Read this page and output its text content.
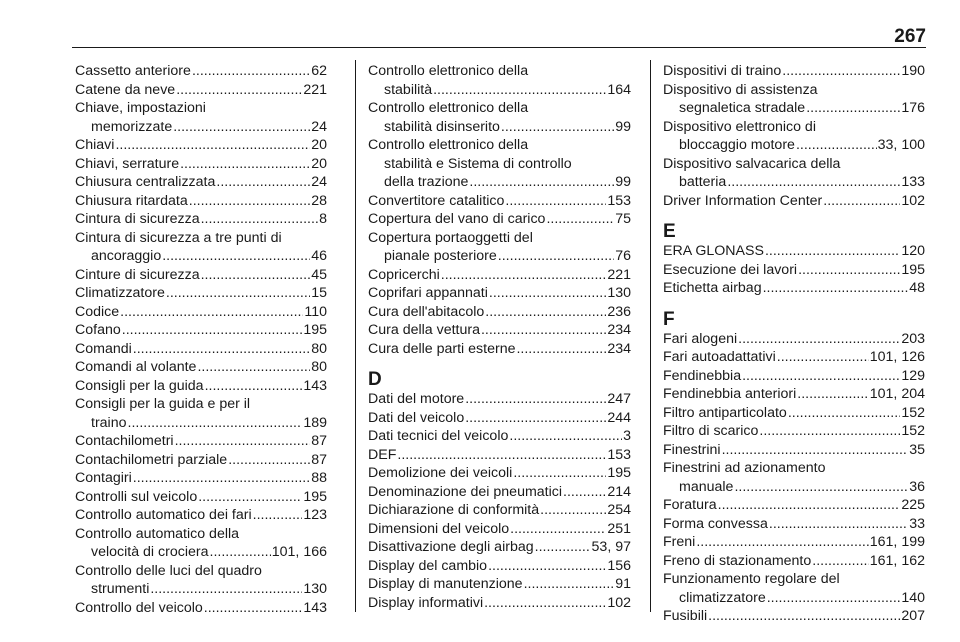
267
Cassetto anteriore .....	62
Catene da neve .....	221
Chiave, impostazioni
memorizzate .....	24
Chiavi .....	20
Chiavi, serrature .....	20
Chiusura centralizzata .....	24
Chiusura ritardata .....	28
Cintura di sicurezza .....	8
Cintura di sicurezza a tre punti di
ancoraggio .....	46
Cinture di sicurezza .....	45
Climatizzatore .....	15
Codice .....	110
Cofano .....	195
Comandi .....	80
Comandi al volante .....	80
Consigli per la guida .....	143
Consigli per la guida e per il
traino .....	189
Contachilometri .....	87
Contachilometri parziale .....	87
Contagiri .....	88
Controlli sul veicolo .....	195
Controllo automatico dei fari .....	123
Controllo automatico della
velocità di crociera .....	101, 166
Controllo delle luci del quadro
strumenti .....	130
Controllo del veicolo .....	143
Controllo elettronico della
stabilità .....	164
Controllo elettronico della
stabilità disinserito .....	99
Controllo elettronico della
stabilità e Sistema di controllo
della trazione .....	99
Convertitore catalitico .....	153
Copertura del vano di carico .....	75
Copertura portaoggetti del
pianale posteriore .....	76
Copricerchi .....	221
Coprifari appannati .....	130
Cura dell'abitacolo .....	236
Cura della vettura .....	234
Cura delle parti esterne .....	234
D
Dati del motore .....	247
Dati del veicolo .....	244
Dati tecnici del veicolo .....	3
DEF .....	153
Demolizione dei veicoli .....	195
Denominazione dei pneumatici .....	214
Dichiarazione di conformità .....	254
Dimensioni del veicolo .....	251
Disattivazione degli airbag .....	53, 97
Display del cambio .....	156
Display di manutenzione .....	91
Display informativi .....	102
Dispositivi di traino .....	190
Dispositivo di assistenza
segnaletica stradale .....	176
Dispositivo elettronico di
bloccaggio motore .....	33, 100
Dispositivo salvacarica della
batteria .....	133
Driver Information Center .....	102
E
ERA GLONASS .....	120
Esecuzione dei lavori .....	195
Etichetta airbag .....	48
F
Fari alogeni .....	203
Fari autoadattativi .....	101, 126
Fendinebbia .....	129
Fendinebbia anteriori .....	101, 204
Filtro antiparticolato .....	152
Filtro di scarico .....	152
Finestrini .....	35
Finestrini ad azionamento
manuale .....	36
Foratura .....	225
Forma convessa .....	33
Freni .....	161, 199
Freno di stazionamento .....	161, 162
Funzionamento regolare del
climatizzatore .....	140
Fusibili .....	207
